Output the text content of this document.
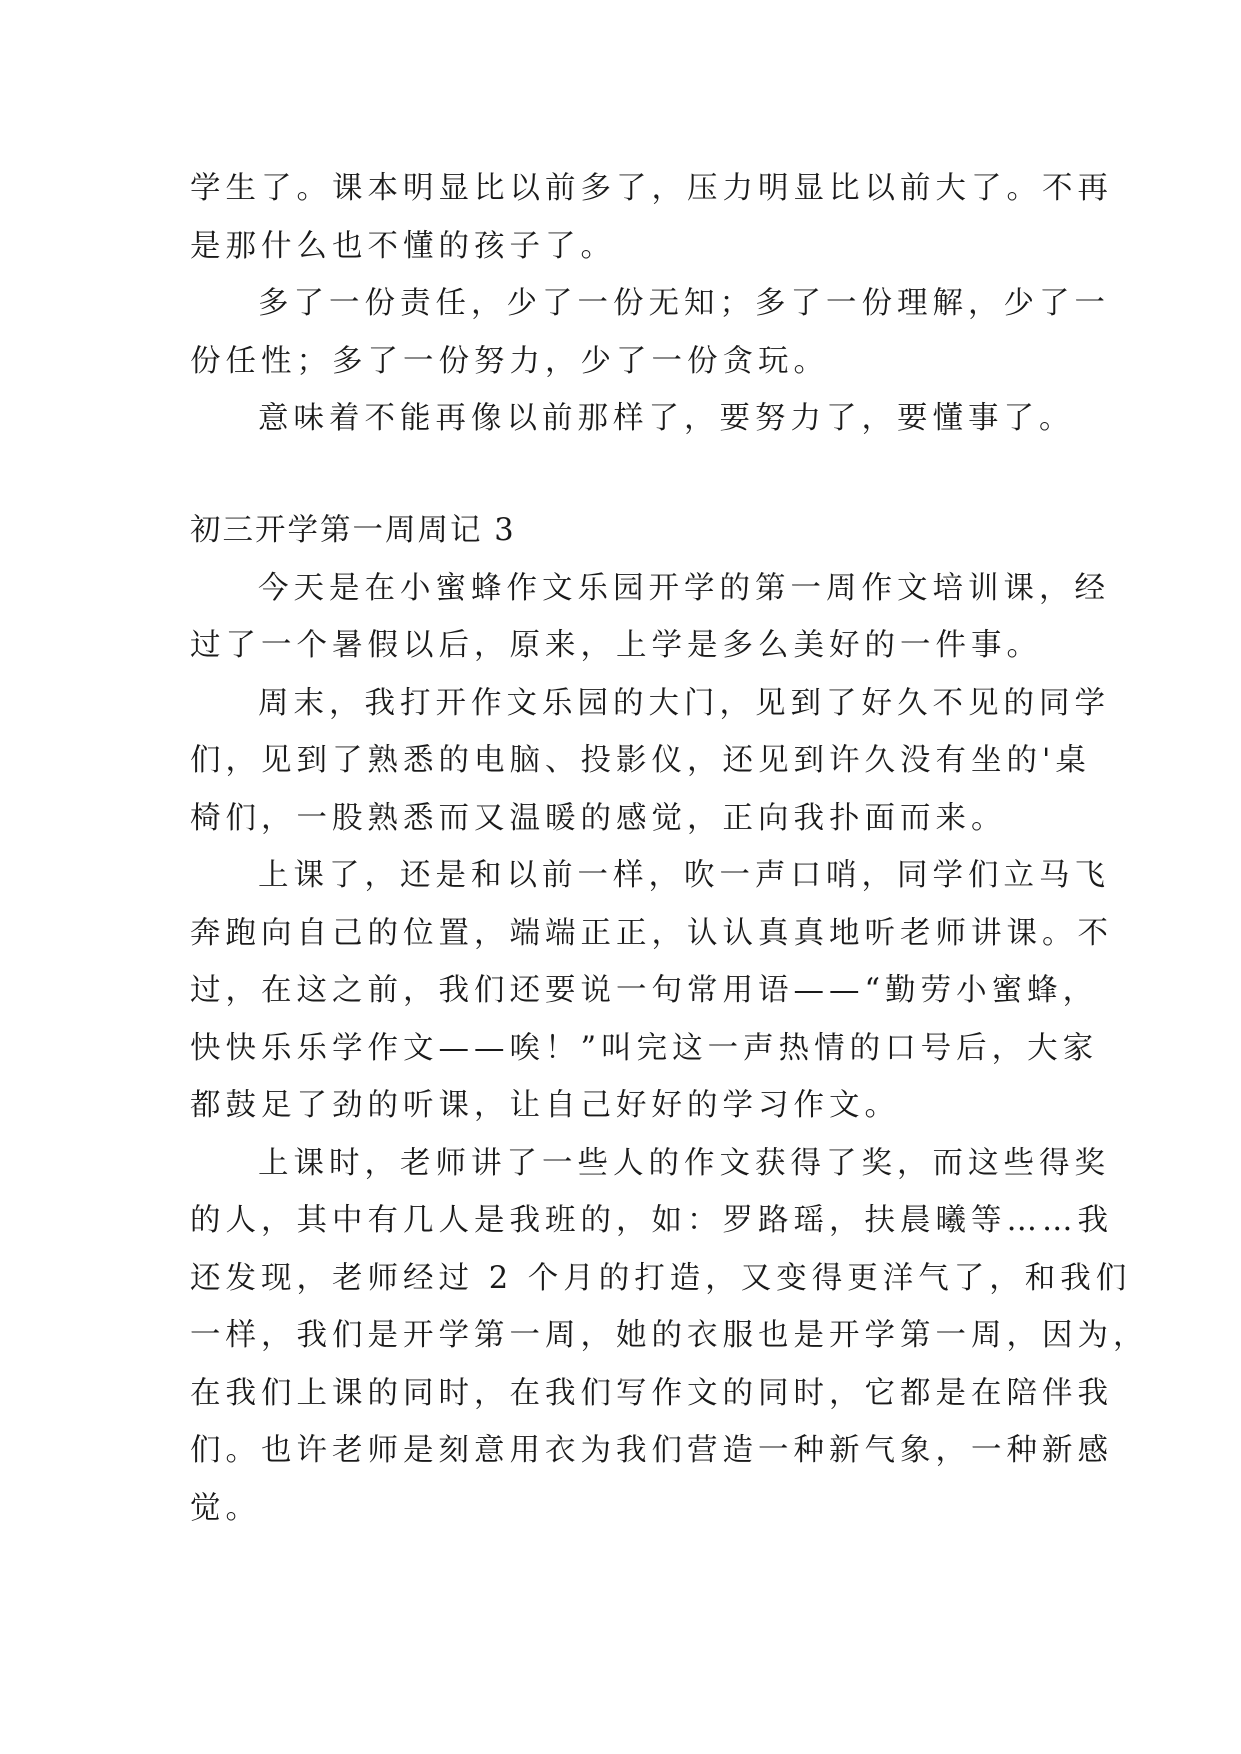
学生了。课本明显比以前多了，压力明显比以前大了。不再
是那什么也不懂的孩子了。
多了一份责任，少了一份无知；多了一份理解，少了一
份任性；多了一份努力，少了一份贪玩。
意味着不能再像以前那样了，要努力了，要懂事了。
初三开学第一周周记 3
今天是在小蜜蜂作文乐园开学的第一周作文培训课，经
过了一个暑假以后，原来，上学是多么美好的一件事。
周末，我打开作文乐园的大门，见到了好久不见的同学
们，见到了熟悉的电脑、投影仪，还见到许久没有坐的'桌
椅们，一股熟悉而又温暖的感觉，正向我扑面而来。
上课了，还是和以前一样，吹一声口哨，同学们立马飞
奔跑向自己的位置，端端正正，认认真真地听老师讲课。不
过，在这之前，我们还要说一句常用语——“勤劳小蜜蜂，
快快乐乐学作文——唉！”叫完这一声热情的口号后，大家
都鼓足了劲的听课，让自己好好的学习作文。
上课时，老师讲了一些人的作文获得了奖，而这些得奖
的人，其中有几人是我班的，如：罗路瑶，扶晨曦等……我
还发现，老师经过 2 个月的打造，又变得更洋气了，和我们
一样，我们是开学第一周，她的衣服也是开学第一周，因为，
在我们上课的同时，在我们写作文的同时，它都是在陪伴我
们。也许老师是刻意用衣为我们营造一种新气象，一种新感
觉。
